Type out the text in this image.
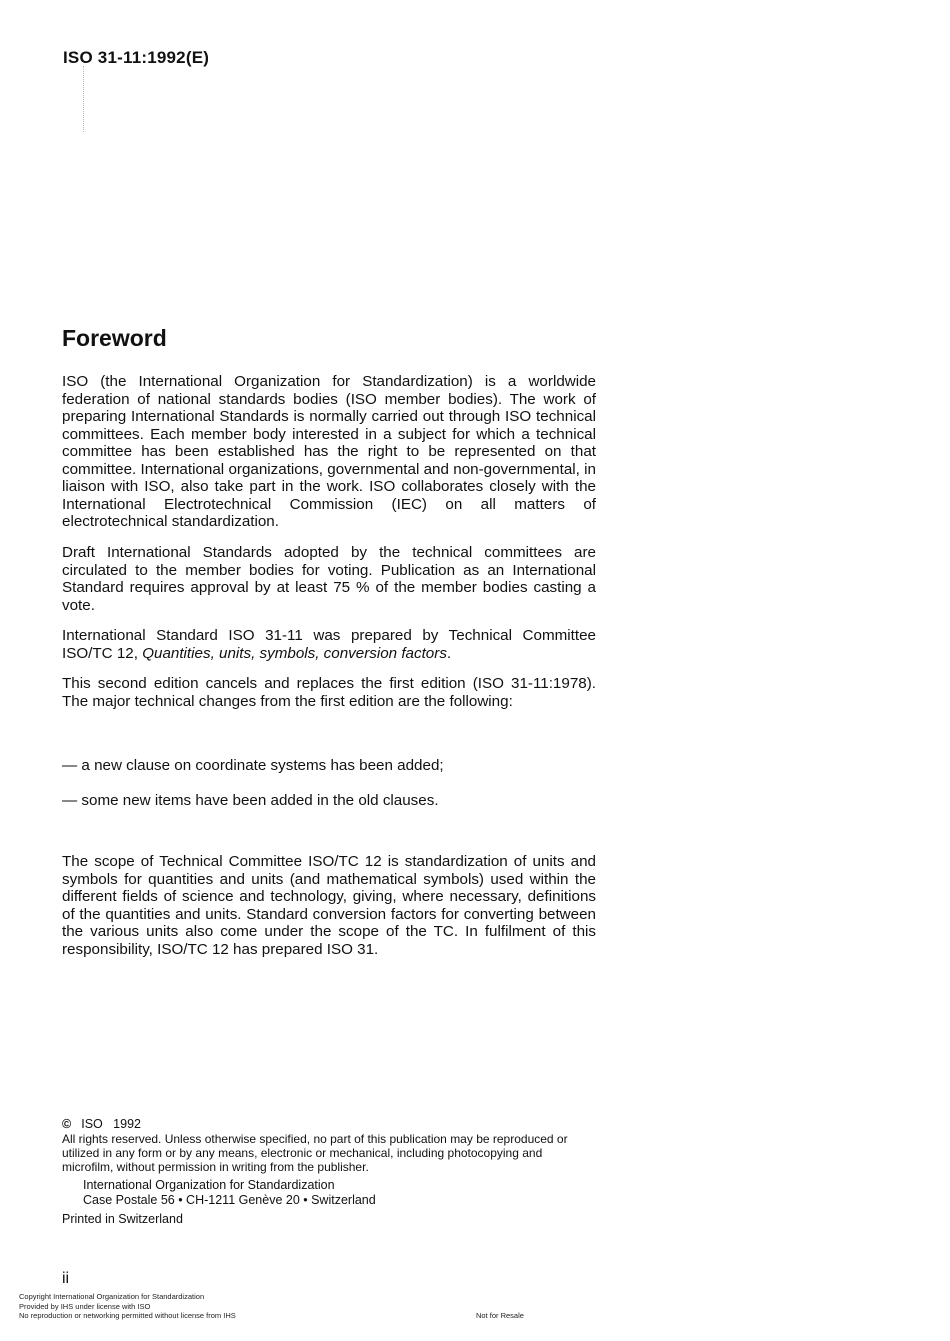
ISO 31-11:1992(E)
Foreword
ISO (the International Organization for Standardization) is a worldwide federation of national standards bodies (ISO member bodies). The work of preparing International Standards is normally carried out through ISO technical committees. Each member body interested in a subject for which a technical committee has been established has the right to be represented on that committee. International organizations, governmental and non-governmental, in liaison with ISO, also take part in the work. ISO collaborates closely with the International Electrotechnical Commission (IEC) on all matters of electrotechnical standardization.
Draft International Standards adopted by the technical committees are circulated to the member bodies for voting. Publication as an International Standard requires approval by at least 75 % of the member bodies casting a vote.
International Standard ISO 31-11 was prepared by Technical Committee ISO/TC 12, Quantities, units, symbols, conversion factors.
This second edition cancels and replaces the first edition (ISO 31-11:1978). The major technical changes from the first edition are the following:
— a new clause on coordinate systems has been added;
— some new items have been added in the old clauses.
The scope of Technical Committee ISO/TC 12 is standardization of units and symbols for quantities and units (and mathematical symbols) used within the different fields of science and technology, giving, where necessary, definitions of the quantities and units. Standard conversion factors for converting between the various units also come under the scope of the TC. In fulfilment of this responsibility, ISO/TC 12 has prepared ISO 31.
© ISO   1992
All rights reserved. Unless otherwise specified, no part of this publication may be reproduced or utilized in any form or by any means, electronic or mechanical, including photocopying and microfilm, without permission in writing from the publisher.
International Organization for Standardization
Case Postale 56 • CH-1211 Genève 20 • Switzerland
Printed in Switzerland
ii
Copyright International Organization for Standardization
Provided by IHS under license with ISO
No reproduction or networking permitted without license from IHS	Not for Resale
